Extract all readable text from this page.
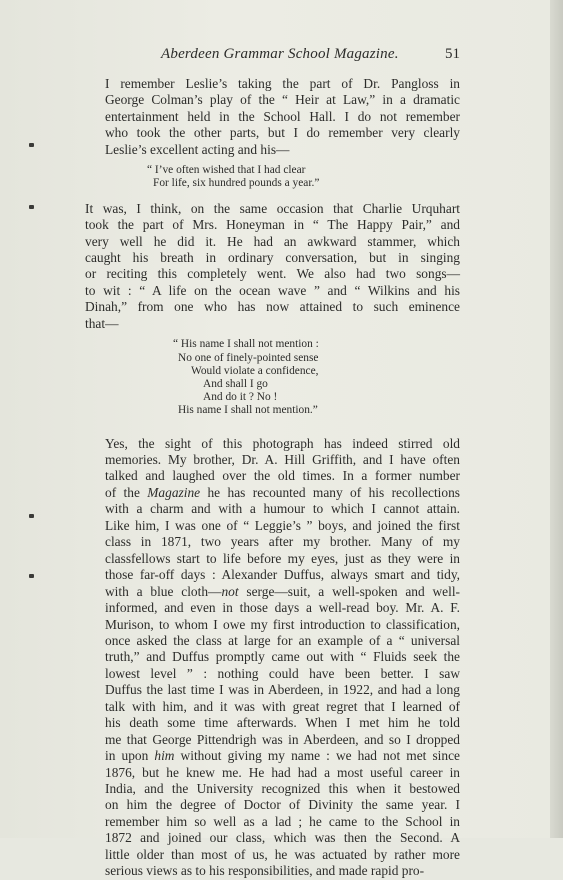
Aberdeen Grammar School Magazine.	51

I remember Leslie’s taking the part of Dr. Pangloss in
George Colman’s play of the “ Heir at Law,” in a dramatic
entertainment held in the School Hall. I do not remember
who took the other parts, but I do remember very clearly
Leslie’s excellent acting and his—

“ I’ve often wished that I had clear
For life, six hundred pounds a year.”

It was, I think, on the same occasion that Charlie Urquhart
took the part of Mrs. Honeyman in “ The Happy Pair,” and
very well he did it. He had an awkward stammer, which
caught his breath in ordinary conversation, but in singing
or reciting this completely went. We also had two songs—
to wit : “ A life on the ocean wave ” and “ Wilkins and his
Dinah,” from one who has now attained to such eminence
that—

“ His name I shall not mention :
No one of finely-pointed sense
Would violate a confidence,
And shall I go
And do it ? No !
His name I shall not mention.”

Yes, the sight of this photograph has indeed stirred old
memories. My brother, Dr. A. Hill Griffith, and I have often
talked and laughed over the old times. In a former number
of the Magazine he has recounted many of his recollections
with a charm and with a humour to which I cannot attain.
Like him, I was one of “ Leggie’s ” boys, and joined the first
class in 1871, two years after my brother. Many of my
classfellows start to life before my eyes, just as they were in
those far-off days : Alexander Duffus, always smart and tidy,
with a blue cloth—not serge—suit, a well-spoken and well-
informed, and even in those days a well-read boy. Mr. A. F.
Murison, to whom I owe my first introduction to classification,
once asked the class at large for an example of a “ universal
truth,” and Duffus promptly came out with “ Fluids seek the
lowest level ” : nothing could have been better. I saw
Duffus the last time I was in Aberdeen, in 1922, and had a long
talk with him, and it was with great regret that I learned of
his death some time afterwards. When I met him he told
me that George Pittendrigh was in Aberdeen, and so I dropped
in upon him without giving my name : we had not met since
1876, but he knew me. He had had a most useful career in
India, and the University recognized this when it bestowed
on him the degree of Doctor of Divinity the same year. I
remember him so well as a lad ; he came to the School in
1872 and joined our class, which was then the Second. A
little older than most of us, he was actuated by rather more
serious views as to his responsibilities, and made rapid pro-
